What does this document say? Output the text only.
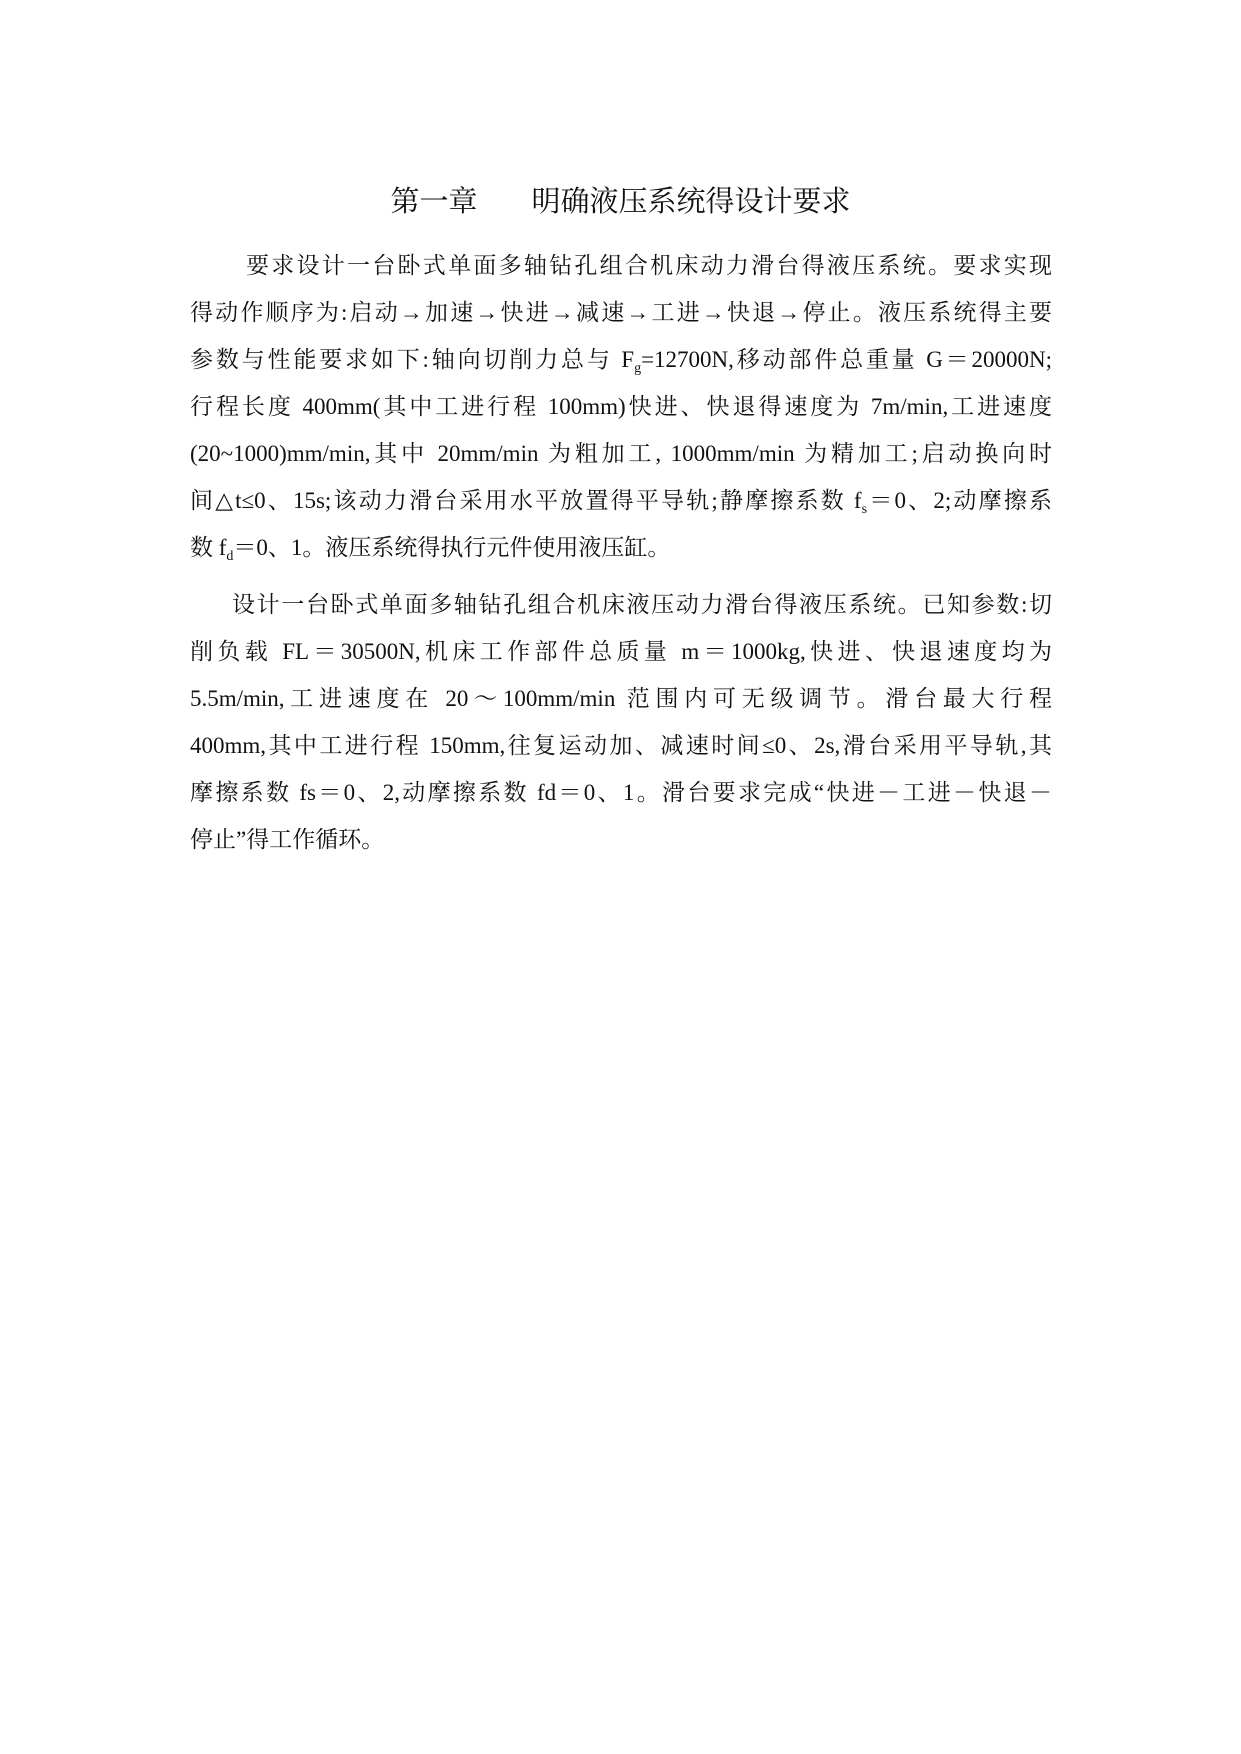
第一章 明确液压系统得设计要求
要求设计一台卧式单面多轴钻孔组合机床动力滑台得液压系统。要求实现
得动作顺序为:启动→加速→快进→减速→工进→快退→停止。液压系统得主要
参数与性能要求如下:轴向切削力总与 $F_g=12700N$,移动部件总重量 G＝20000N;
行程长度 400mm(其中工进行程 100mm)快进、快退得速度为 7m/min,工进速度
(20~1000)mm/min,其中 20mm/min 为粗加工, 1000mm/min 为精加工;启动换向时
间△t≤0、15s;该动力滑台采用水平放置得平导轨;静摩擦系数 $f_s=0$、2;动摩擦系
数 $f_d=0$、1。液压系统得执行元件使用液压缸。
设计一台卧式单面多轴钻孔组合机床液压动力滑台得液压系统。已知参数:切
削负载 FL＝30500N,机床工作部件总质量 m＝1000kg,快进、快退速度均为
5.5m/min,工进速度在 20～100mm/min 范围内可无级调节。滑台最大行程
400mm,其中工进行程 150mm,往复运动加、减速时间≤0、2s,滑台采用平导轨,其
摩擦系数 fs＝0、2,动摩擦系数 fd＝0、1。滑台要求完成“快进－工进－快退－
停止”得工作循环。
